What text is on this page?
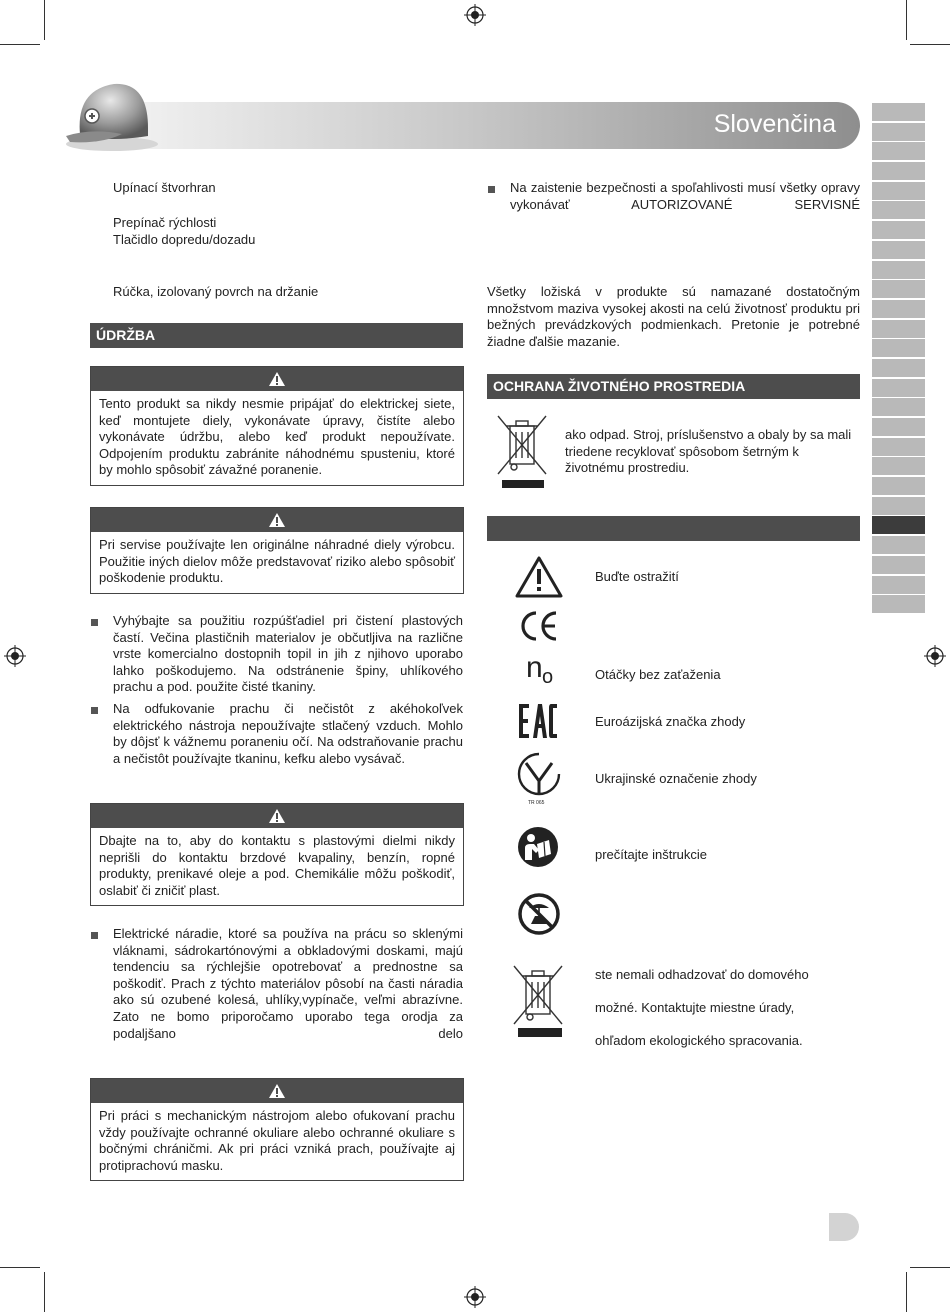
Slovenčina
Upínací štvorhran
Prepínač rýchlosti
Tlačidlo dopredu/dozadu
Rúčka, izolovaný povrch na držanie
ÚDRŽBA
Tento produkt sa nikdy nesmie pripájať do elektrickej siete, keď montujete diely, vykonávate úpravy, čistíte alebo vykonávate údržbu, alebo keď produkt nepoužívate. Odpojením produktu zabránite náhodnému spusteniu, ktoré by mohlo spôsobiť závažné poranenie.
Pri servise používajte len originálne náhradné diely výrobcu. Použitie iných dielov môže predstavovať riziko alebo spôsobiť poškodenie produktu.
Vyhýbajte sa použitiu rozpúšťadiel pri čistení plastových častí. Večina plastičnih materialov je občutljiva na različne vrste komercialno dostopnih topil in jih z njihovo uporabo lahko poškodujemo. Na odstránenie špiny, uhlíkového prachu a pod. použite čisté tkaniny.
Na odfukovanie prachu či nečistôt z akéhokoľvek elektrického nástroja nepoužívajte stlačený vzduch. Mohlo by dôjsť k vážnemu poraneniu očí. Na odstraňovanie prachu a nečistôt používajte tkaninu, kefku alebo vysávač.
Dbajte na to, aby do kontaktu s plastovými dielmi nikdy neprišli do kontaktu brzdové kvapaliny, benzín, ropné produkty, prenikavé oleje a pod. Chemikálie môžu poškodiť, oslabiť či zničiť plast.
Elektrické náradie, ktoré sa používa na prácu so sklenými vláknami, sádrokartónovými a obkladovými doskami, majú tendenciu sa rýchlejšie opotrebovať a prednostne sa poškodiť. Prach z týchto materiálov pôsobí na časti náradia ako sú ozubené kolesá, uhlíky,vypínače, veľmi abrazívne. Zato ne bomo priporočamo uporabo tega orodja za podaljšano delo
Pri práci s mechanickým nástrojom alebo ofukovaní prachu vždy používajte ochranné okuliare alebo ochranné okuliare s bočnými chráničmi. Ak pri práci vzniká prach, používajte aj protiprachovú masku.
Na zaistenie bezpečnosti a spoľahlivosti musí všetky opravy vykonávať AUTORIZOVANÉ SERVISNÉ
Všetky ložiská v produkte sú namazané dostatočným množstvom maziva vysokej akosti na celú životnosť produktu pri bežných prevádzkových podmienkach. Pretonie je potrebné žiadne ďalšie mazanie.
OCHRANA ŽIVOTNÉHO PROSTREDIA
ako odpad. Stroj, príslušenstvo a obaly by sa mali triedene recyklovať spôsobom šetrným k životnému prostrediu.
Buďte ostražití
n o	Otáčky bez zaťaženia
Euroázijská značka zhody
TR 065
Ukrajinské označenie zhody
prečítajte inštrukcie
ste nemali odhadzovať do domového
možné. Kontaktujte miestne úrady,
ohľadom ekologického spracovania.
